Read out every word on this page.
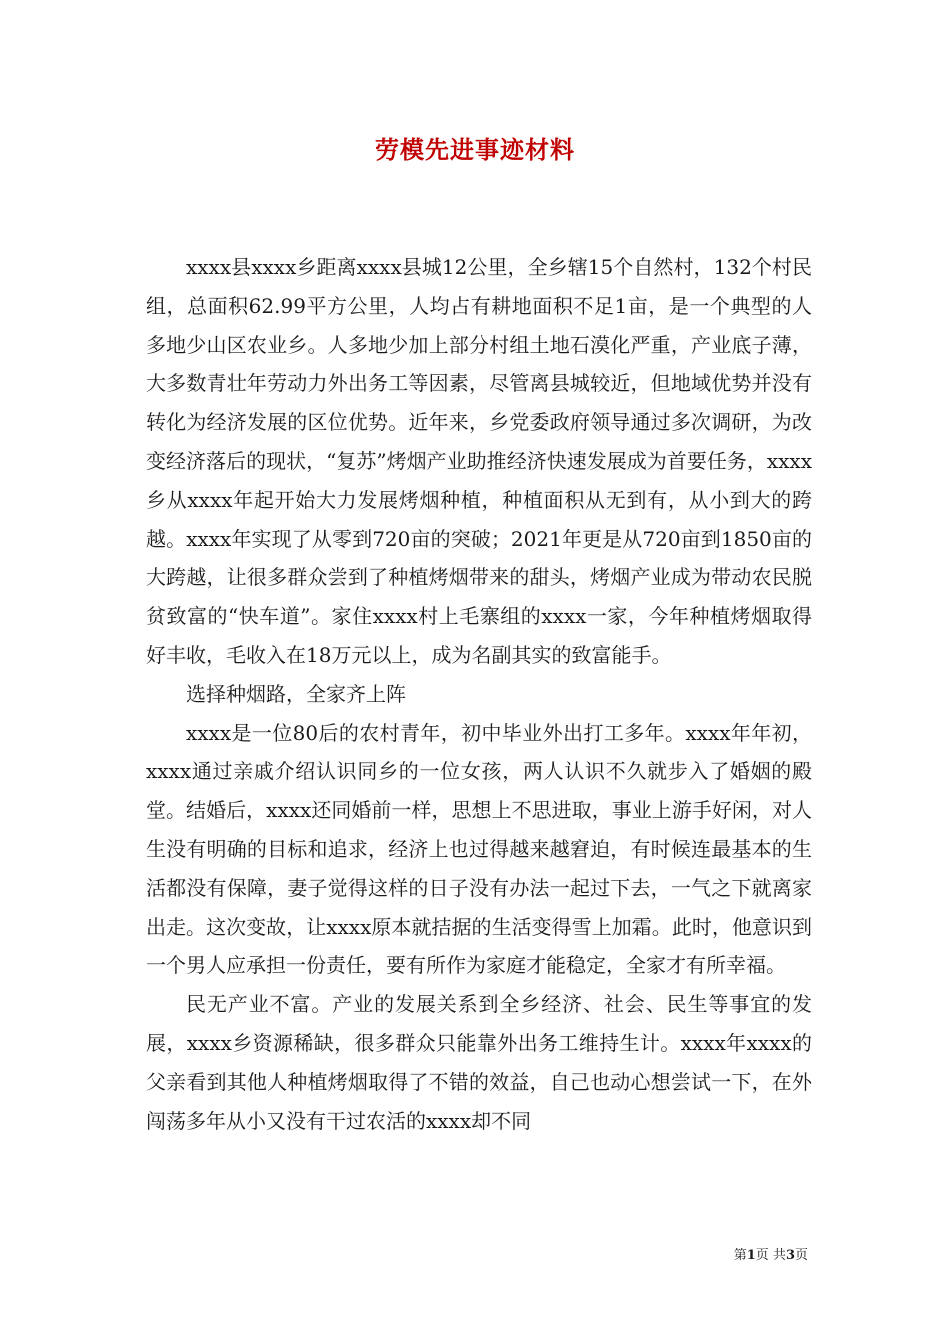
劳模先进事迹材料

xxxx县xxxx乡距离xxxx县城12公里，全乡辖15个自然村，132个村民组，总面积62.99平方公里，人均占有耕地面积不足1亩，是一个典型的人多地少山区农业乡。人多地少加上部分村组土地石漠化严重，产业底子薄，大多数青壮年劳动力外出务工等因素，尽管离县城较近，但地域优势并没有转化为经济发展的区位优势。近年来，乡党委政府领导通过多次调研，为改变经济落后的现状，“复苏”烤烟产业助推经济快速发展成为首要任务，xxxx乡从xxxx年起开始大力发展烤烟种植，种植面积从无到有，从小到大的跨越。xxxx年实现了从零到720亩的突破；2021年更是从720亩到1850亩的大跨越，让很多群众尝到了种植烤烟带来的甜头，烤烟产业成为带动农民脱贫致富的“快车道”。家住xxxx村上毛寨组的xxxx一家，今年种植烤烟取得好丰收，毛收入在18万元以上，成为名副其实的致富能手。

选择种烟路，全家齐上阵

xxxx是一位80后的农村青年，初中毕业外出打工多年。xxxx年年初，xxxx通过亲戚介绍认识同乡的一位女孩，两人认识不久就步入了婚姻的殿堂。结婚后，xxxx还同婚前一样，思想上不思进取，事业上游手好闲，对人生没有明确的目标和追求，经济上也过得越来越窘迫，有时候连最基本的生活都没有保障，妻子觉得这样的日子没有办法一起过下去，一气之下就离家出走。这次变故，让xxxx原本就拮据的生活变得雪上加霜。此时，他意识到一个男人应承担一份责任，要有所作为家庭才能稳定，全家才有所幸福。

民无产业不富。产业的发展关系到全乡经济、社会、民生等事宜的发展，xxxx乡资源稀缺，很多群众只能靠外出务工维持生计。xxxx年xxxx的父亲看到其他人种植烤烟取得了不错的效益，自己也动心想尝试一下，在外闯荡多年从小又没有干过农活的xxxx却不同

第1页 共3页
